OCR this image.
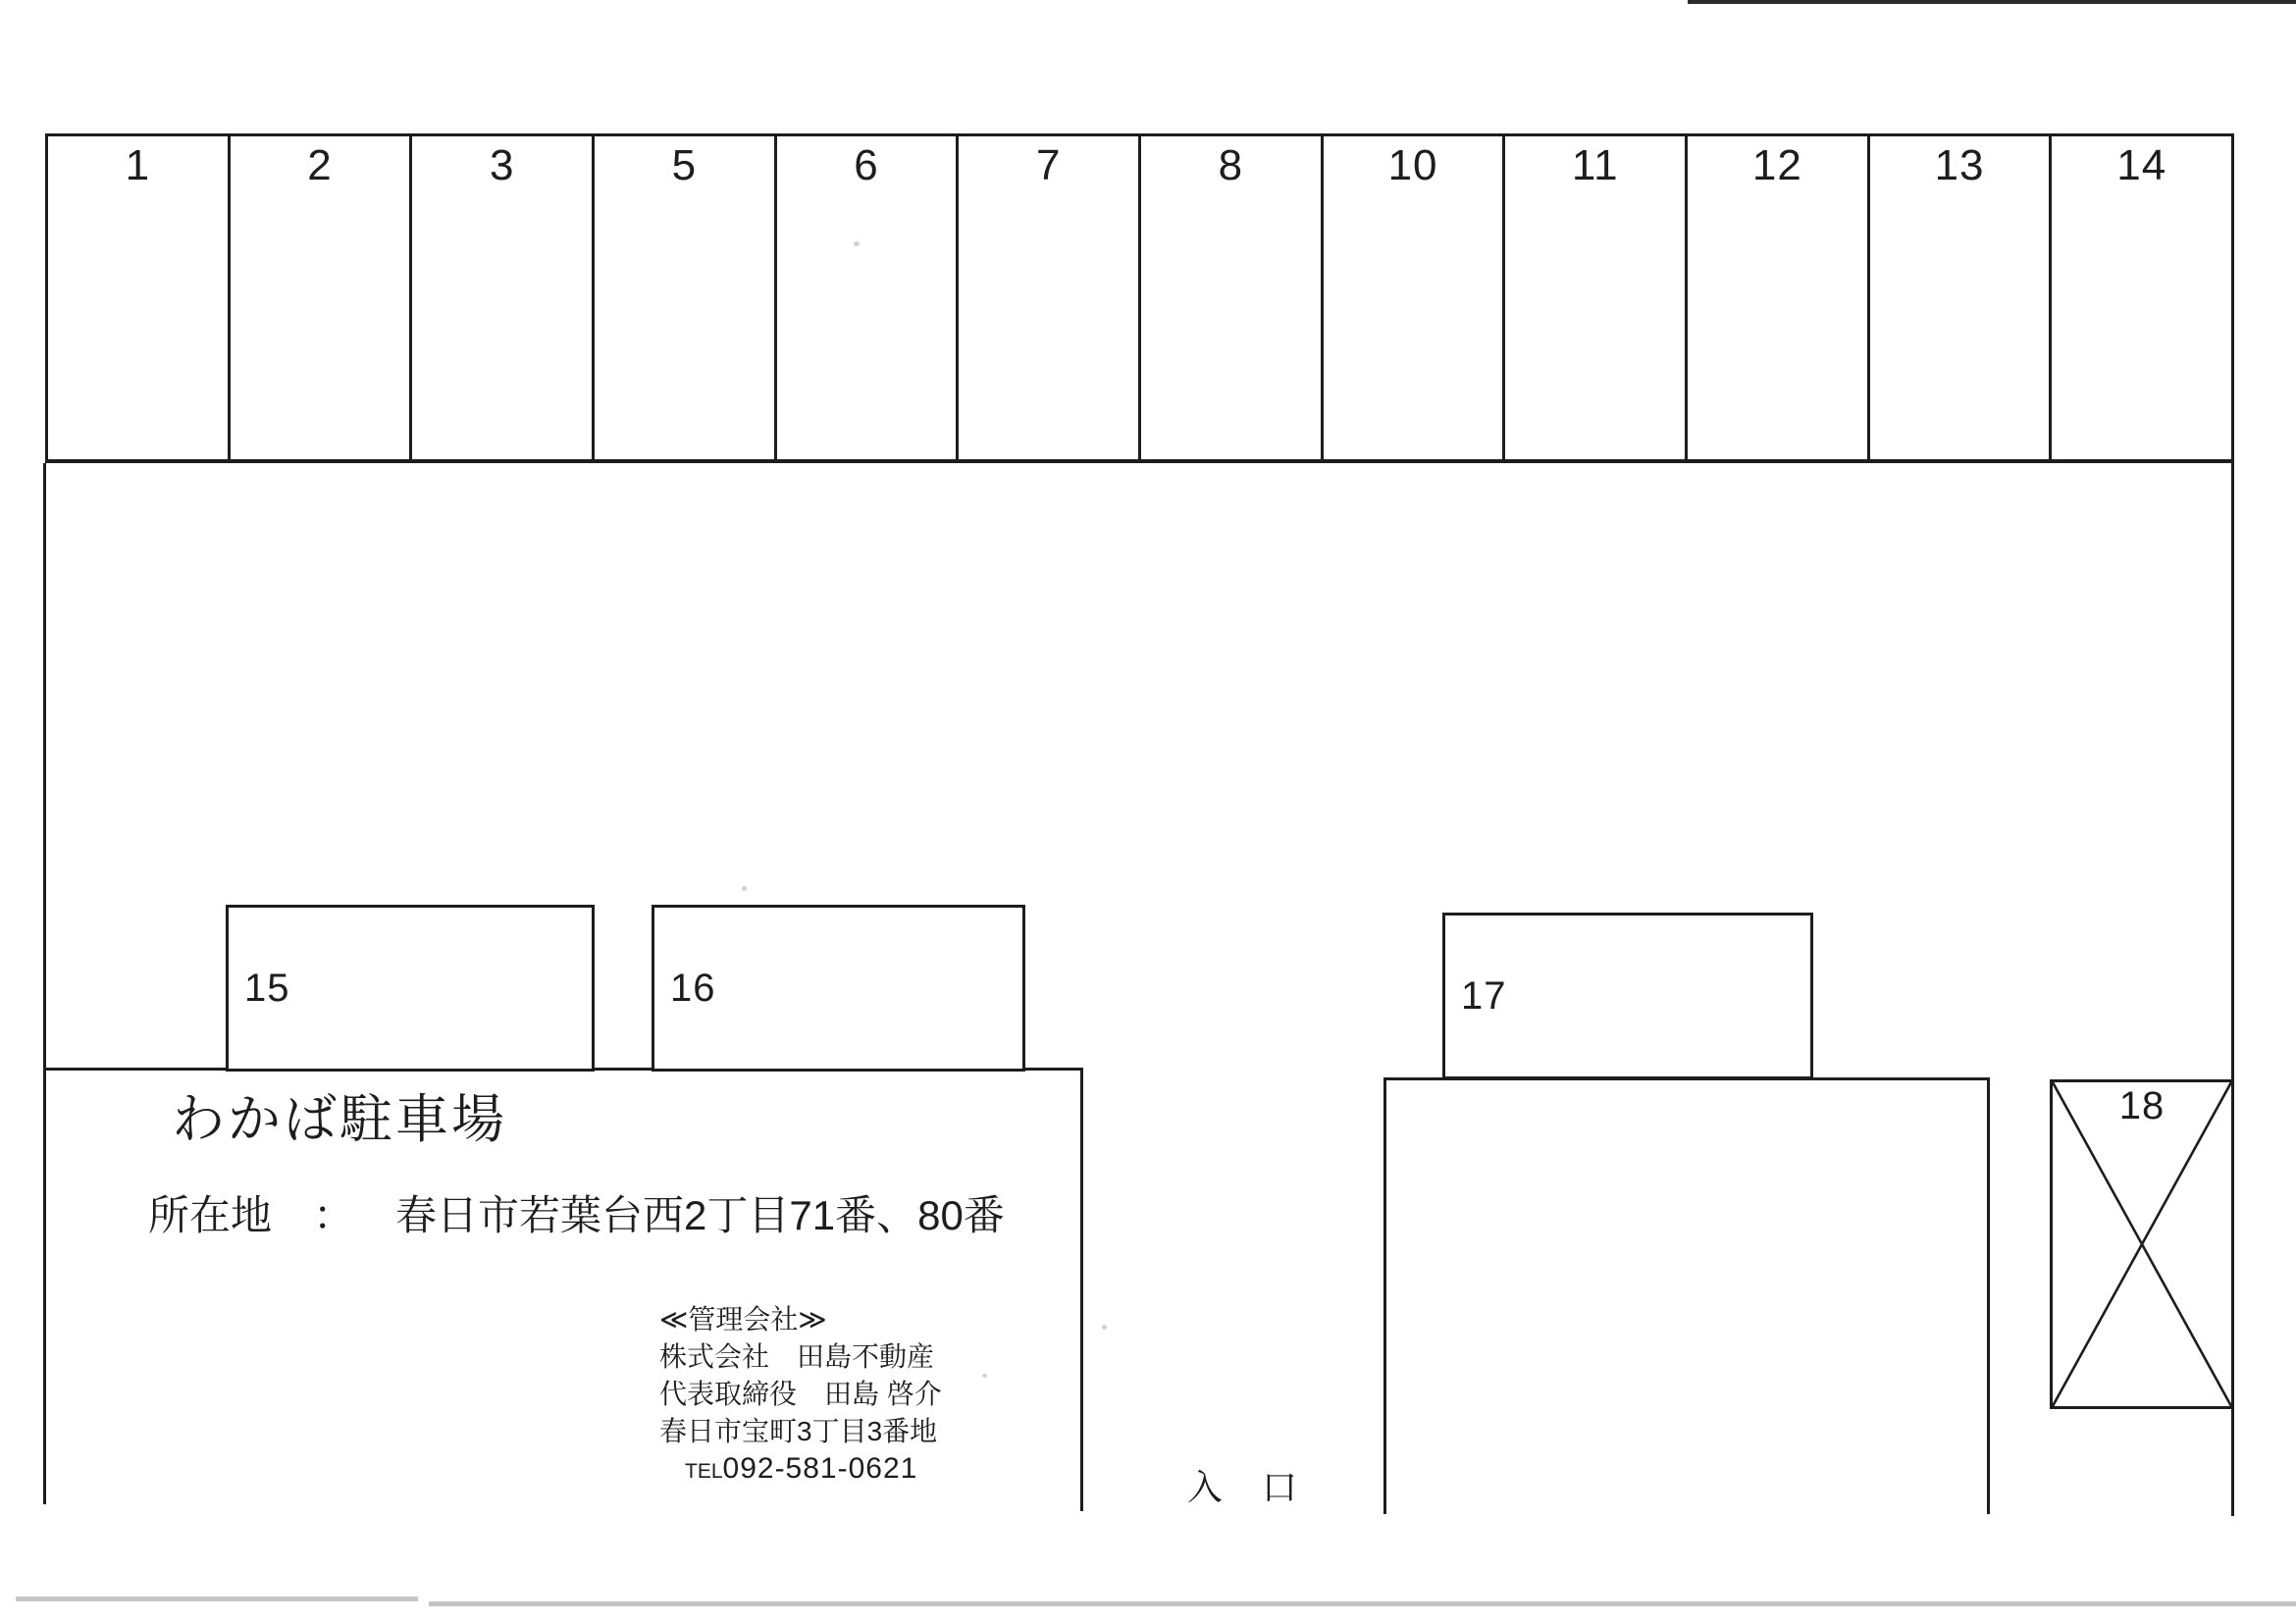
1	2	3	5	6	7	8	10	11	12	13	14
15	16	17
18
わかば駐車場
所在地 ： 春日市若葉台西2丁目71番、80番
≪管理会社≫
株式会社　田島不動産
代表取締役　田島 啓介
春日市宝町3丁目3番地
TEL092-581-0621	入　口
